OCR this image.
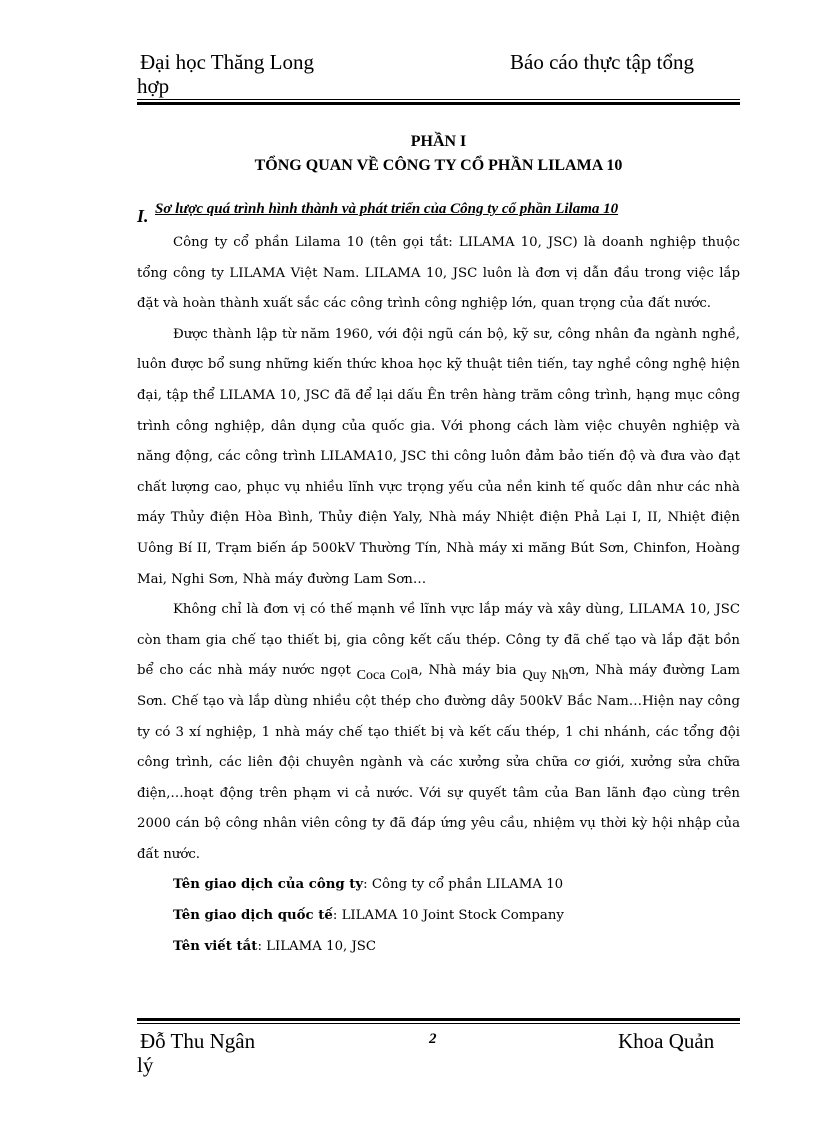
Đại học Thăng Long	Báo cáo thực tập tổng
hợp
PHẦN I
TỔNG QUAN VỀ CÔNG TY CỔ PHẦN LILAMA 10
I. Sơ lược quá trình hình thành và phát triển của Công ty cổ phần Lilama 10

Công ty cổ phần Lilama 10 (tên gọi tắt: LILAMA 10, JSC) là doanh nghiệp thuộc tổng công ty LILAMA Việt Nam. LILAMA 10, JSC luôn là đơn vị dẫn đầu trong việc lắp đặt và hoàn thành xuất sắc các công trình công nghiệp lớn, quan trọng của đất nước.

Được thành lập từ năm 1960, với đội ngũ cán bộ, kỹ sư, công nhân đa ngành nghề, luôn được bổ sung những kiến thức khoa học kỹ thuật tiên tiến, tay nghề công nghệ hiện đại, tập thể LILAMA 10, JSC đã để lại dấu Ên trên hàng trăm công trình, hạng mục công trình công nghiệp, dân dụng của quốc gia. Với phong cách làm việc chuyên nghiệp và năng động, các công trình LILAMA10, JSC thi công luôn đảm bảo tiến độ và đưa vào đạt chất lượng cao, phục vụ nhiều lĩnh vực trọng yếu của nền kinh tế quốc dân như các nhà máy Thủy điện Hòa Bình, Thủy điện Yaly, Nhà máy Nhiệt điện Phả Lại I, II, Nhiệt điện Uông Bí II, Trạm biến áp 500kV Thường Tín, Nhà máy xi măng Bút Sơn, Chinfon, Hoàng Mai, Nghi Sơn, Nhà máy đường Lam Sơn…

Không chỉ là đơn vị có thế mạnh về lĩnh vực lắp máy và xây dùng, LILAMA 10, JSC còn tham gia chế tạo thiết bị, gia công kết cấu thép. Công ty đã chế tạo và lắp đặt bồn bể cho các nhà máy nước ngọt Coca Cola, Nhà máy bia Quy Nhơn, Nhà máy đường Lam Sơn. Chế tạo và lắp dùng nhiều cột thép cho đường dây 500kV Bắc Nam…Hiện nay công ty có 3 xí nghiệp, 1 nhà máy chế tạo thiết bị và kết cấu thép, 1 chi nhánh, các tổng đội công trình, các liên đội chuyên ngành và các xưởng sửa chữa cơ giới, xưởng sửa chữa điện,…hoạt động trên phạm vi cả nước. Với sự quyết tâm của Ban lãnh đạo cùng trên 2000 cán bộ công nhân viên công ty đã đáp ứng yêu cầu, nhiệm vụ thời kỳ hội nhập của đất nước.

Tên giao dịch của công ty: Công ty cổ phần LILAMA 10

Tên giao dịch quốc tế: LILAMA 10 Joint Stock Company

Tên viết tắt: LILAMA 10, JSC

Đỗ Thu Ngân	2	Khoa Quản
lý
